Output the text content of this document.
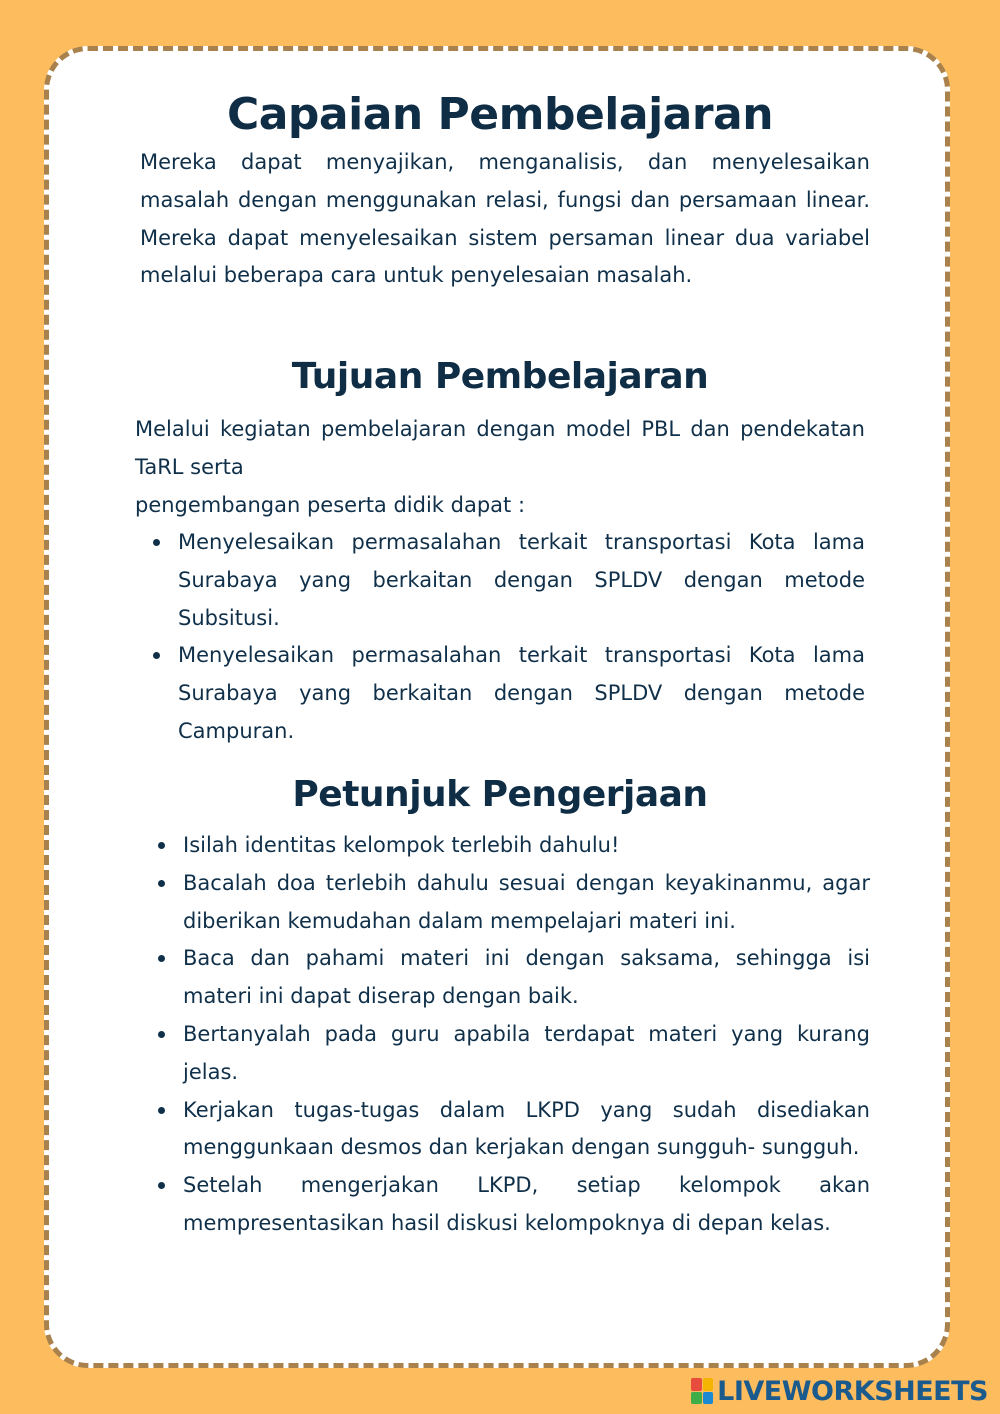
Capaian Pembelajaran

Mereka dapat menyajikan, menganalisis, dan menyelesaikan masalah dengan menggunakan relasi, fungsi dan persamaan linear. Mereka dapat menyelesaikan sistem persaman linear dua variabel melalui beberapa cara untuk penyelesaian masalah.

Tujuan Pembelajaran
Melalui kegiatan pembelajaran dengan model PBL dan pendekatan TaRL serta
pengembangan peserta didik dapat :
Menyelesaikan permasalahan terkait transportasi Kota lama Surabaya yang berkaitan dengan SPLDV dengan metode Subsitusi.
Menyelesaikan permasalahan terkait transportasi Kota lama Surabaya yang berkaitan dengan SPLDV dengan metode Campuran.
Petunjuk Pengerjaan
Isilah identitas kelompok terlebih dahulu!
Bacalah doa terlebih dahulu sesuai dengan keyakinanmu, agar diberikan kemudahan dalam mempelajari materi ini.
Baca dan pahami materi ini dengan saksama, sehingga isi materi ini dapat diserap dengan baik.
Bertanyalah pada guru apabila terdapat materi yang kurang jelas.
Kerjakan tugas-tugas dalam LKPD yang sudah disediakan menggunkaan desmos dan kerjakan dengan sungguh- sungguh.
Setelah mengerjakan LKPD, setiap kelompok akan mempresentasikan hasil diskusi kelompoknya di depan kelas.
LIVEWORKSHEETS
